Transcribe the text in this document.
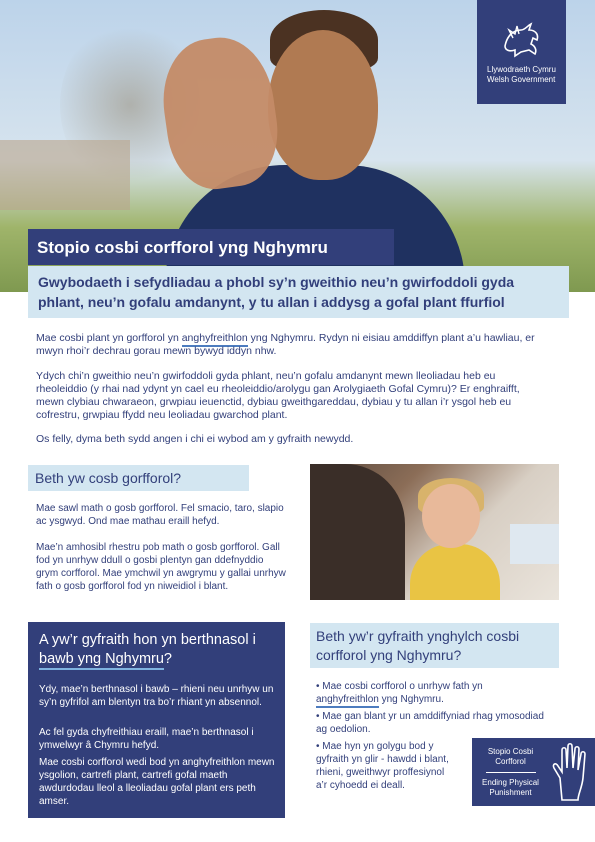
Llywodraeth Cymru
Welsh Government
Stopio cosbi corfforol yng Nghymru
Gwybodaeth i sefydliadau a phobl sy’n gweithio neu’n gwirfoddoli gyda phlant, neu’n gofalu amdanynt, y tu allan i addysg a gofal plant ffurfiol

Mae cosbi plant yn gorfforol yn anghyfreithlon yng Nghymru. Rydyn ni eisiau amddiffyn plant a’u hawliau, er mwyn rhoi’r dechrau gorau mewn bywyd iddyn nhw.

Ydych chi’n gweithio neu’n gwirfoddoli gyda phlant, neu’n gofalu amdanynt mewn lleoliadau heb eu rheoleiddio (y rhai nad ydynt yn cael eu rheoleiddio/arolygu gan Arolygiaeth Gofal Cymru)? Er enghraifft, mewn clybiau chwaraeon, grwpiau ieuenctid, dybiau gweithgareddau, dybiau y tu allan i’r ysgol heb eu cofrestru, grwpiau ffydd neu leoliadau gwarchod plant.

Os felly, dyma beth sydd angen i chi ei wybod am y gyfraith newydd.

Beth yw cosb gorfforol?

Mae sawl math o gosb gorfforol. Fel smacio, taro, slapio ac ysgwyd. Ond mae mathau eraill hefyd.

Mae’n amhosibl rhestru pob math o gosb gorfforol. Gall fod yn unrhyw ddull o gosbi plentyn gan ddefnyddio grym corfforol. Mae ymchwil yn awgrymu y gallai unrhyw fath o gosb gorfforol fod yn niweidiol i blant.

A yw’r gyfraith hon yn berthnasol i bawb yng Nghymru?

Ydy, mae’n berthnasol i bawb – rhieni neu unrhyw un sy’n gyfrifol am blentyn tra bo’r rhiant yn absennol.

Ac fel gyda chyfreithiau eraill, mae’n berthnasol i ymwelwyr â Chymru hefyd.

Mae cosbi corfforol wedi bod yn anghyfreithlon mewn ysgolion, cartrefi plant, cartrefi gofal maeth awdurdodau lleol a lleoliadau gofal plant ers peth amser.

Beth yw’r gyfraith ynghylch cosbi corfforol yng Nghymru?

• Mae cosbi corfforol o unrhyw fath yn anghyfreithlon yng Nghymru.

• Mae gan blant yr un amddiffyniad rhag ymosodiad ag oedolion.

• Mae hyn yn golygu bod y gyfraith yn glir - hawdd i blant, rhieni, gweithwyr proffesiynol a’r cyhoedd ei deall.

Stopio Cosbi Corfforol
Ending Physical Punishment
